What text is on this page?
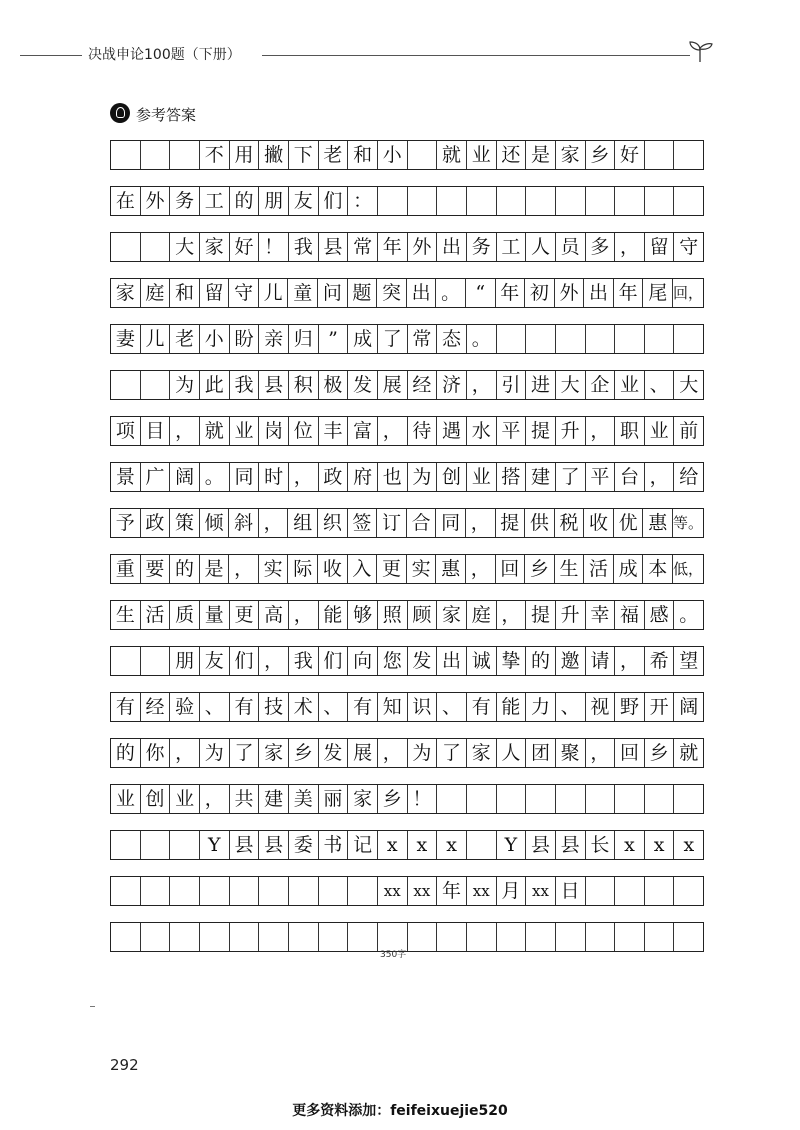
决战申论100题（下册）
参考答案
不 用 撇 下 老 和 小	就 业 还 是 家 乡 好
在 外 务 工 的 朋 友 们 ：
大 家 好 ！ 我 县 常 年 外 出 务 工 人 员 多 ， 留 守
家 庭 和 留 守 儿 童 问 题 突 出 。 “ 年 初 外 出 年 尾 回，
妻 儿 老 小 盼 亲 归 ” 成 了 常 态 。
为 此 我 县 积 极 发 展 经 济 ， 引 进 大 企 业 、 大
项 目 ， 就 业 岗 位 丰 富 ， 待 遇 水 平 提 升 ， 职 业 前
景 广 阔 。 同 时 ， 政 府 也 为 创 业 搭 建 了 平 台 ， 给
予 政 策 倾 斜 ， 组 织 签 订 合 同 ， 提 供 税 收 优 惠 等。
重 要 的 是 ， 实 际 收 入 更 实 惠 ， 回 乡 生 活 成 本 低，
生 活 质 量 更 高 ， 能 够 照 顾 家 庭 ， 提 升 幸 福 感 。
朋 友 们 ， 我 们 向 您 发 出 诚 挚 的 邀 请 ， 希 望
有 经 验 、 有 技 术 、 有 知 识 、 有 能 力 、 视 野 开 阔
的 你 ， 为 了 家 乡 发 展 ， 为 了 家 人 团 聚 ， 回 乡 就
业 创 业 ， 共 建 美 丽 家 乡 ！
Y 县 县 委 书 记 x x x	Y 县 县 长 x x x
xx xx 年 xx 月 xx 日
350字
292
更多资料添加：feifeixuejie520
